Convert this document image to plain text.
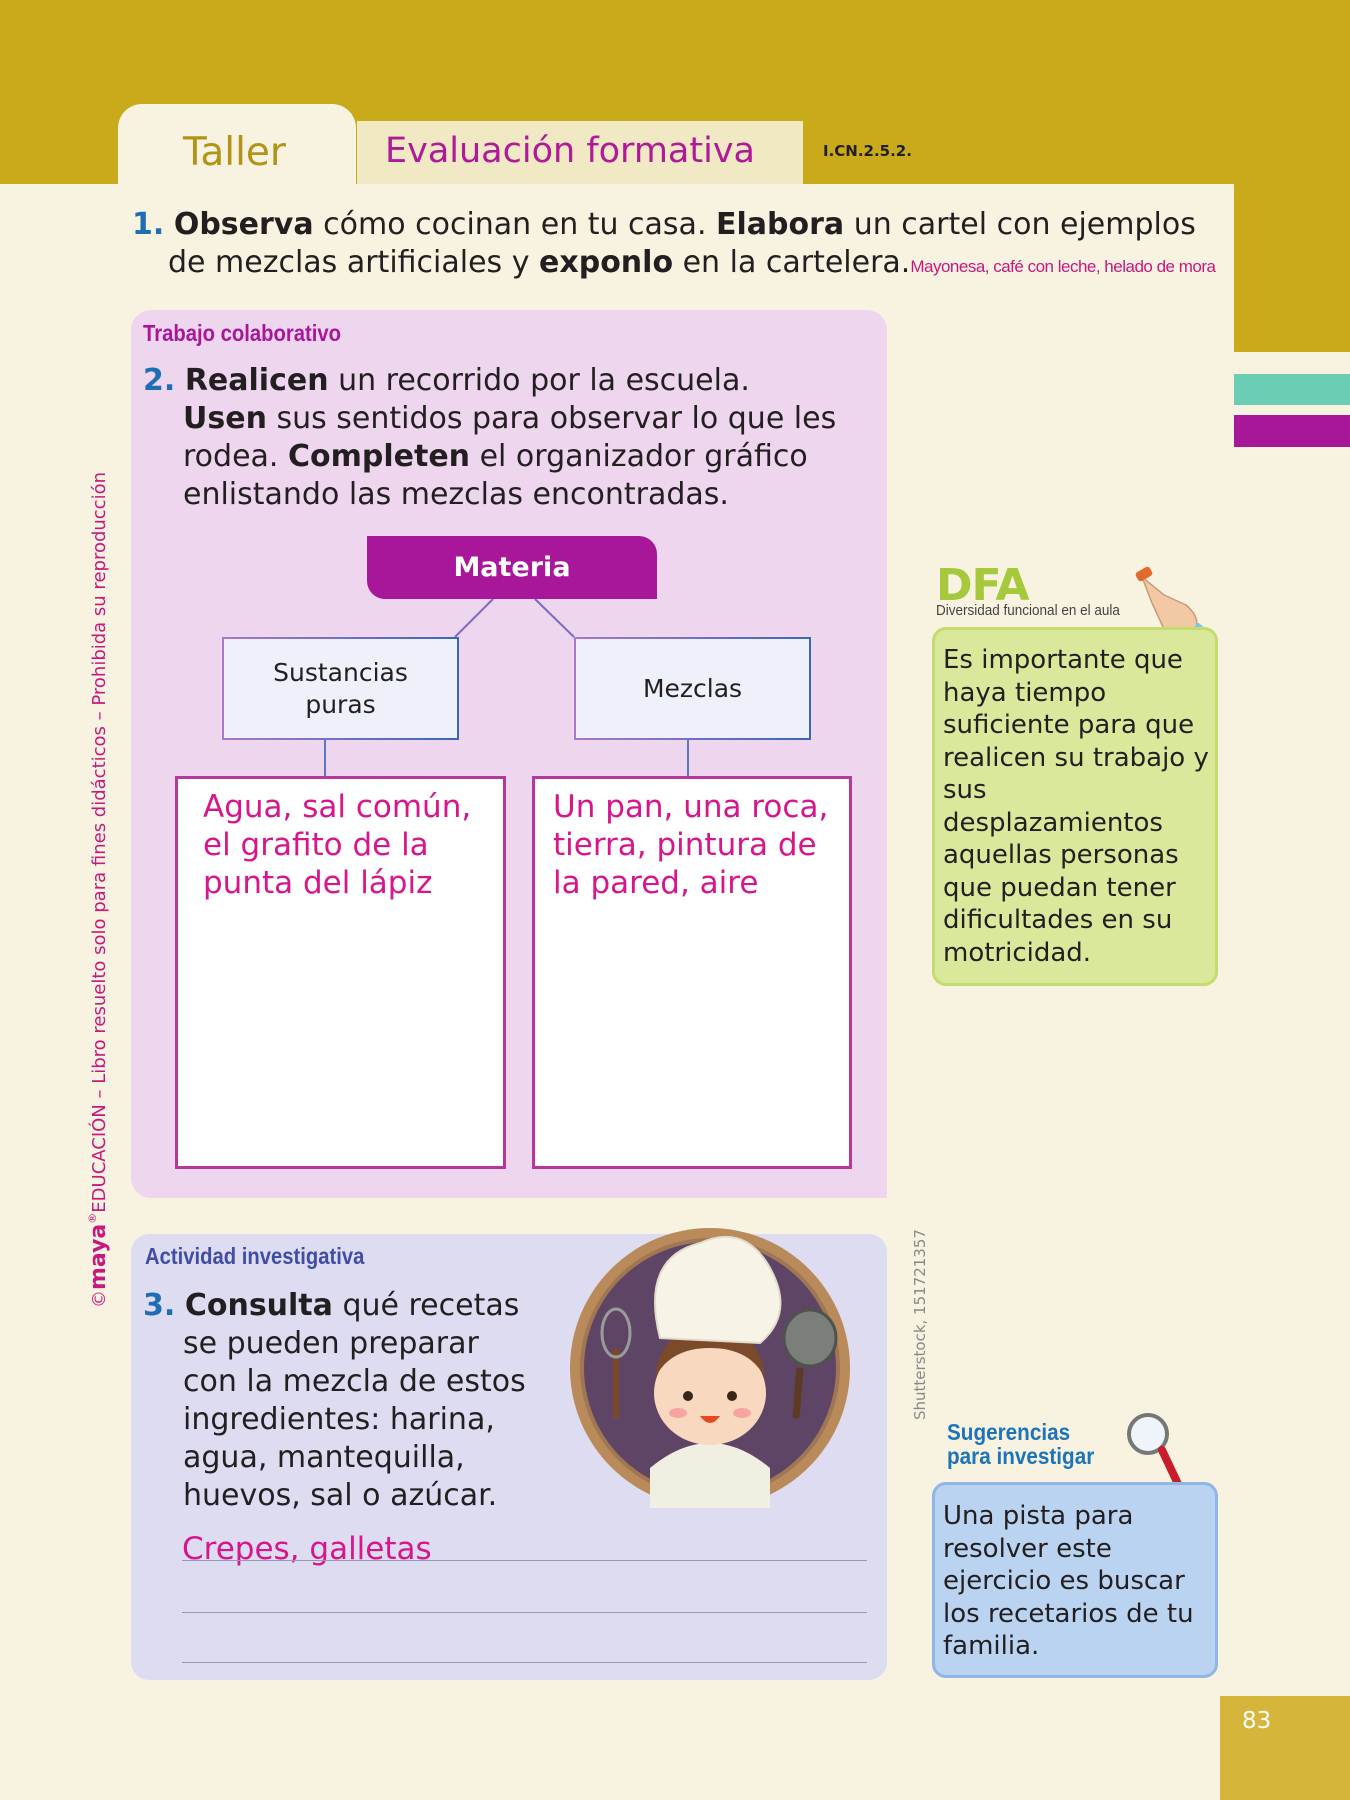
Taller	Evaluación formativa	I.CN.2.5.2.
1. Observa cómo cocinan en tu casa. Elabora un cartel con ejemplos
de mezclas artificiales y exponlo en la cartelera.Mayonesa, café con leche, helado de mora
Trabajo colaborativo
2. Realicen un recorrido por la escuela.
Usen sus sentidos para observar lo que les
rodea. Completen el organizador gráfico
enlistando las mezclas encontradas.
Materia
Sustancias puras
Mezclas
Agua, sal común, el grafito de la punta del lápiz
Un pan, una roca, tierra, pintura de la pared, aire
DFA
Diversidad funcional en el aula
Es importante que haya tiempo suficiente para que realicen su trabajo y sus desplazamientos aquellas personas que puedan tener dificultades en su motricidad.
Actividad investigativa
3. Consulta qué recetas
se pueden preparar
con la mezcla de estos
ingredientes: harina,
agua, mantequilla,
huevos, sal o azúcar.
Crepes, galletas
Shutterstock, 151721357
Sugerencias
para investigar
Una pista para resolver este ejercicio es buscar los recetarios de tu familia.
©maya®EDUCACIÓN – Libro resuelto solo para fines didácticos – Prohibida su reproducción
83
